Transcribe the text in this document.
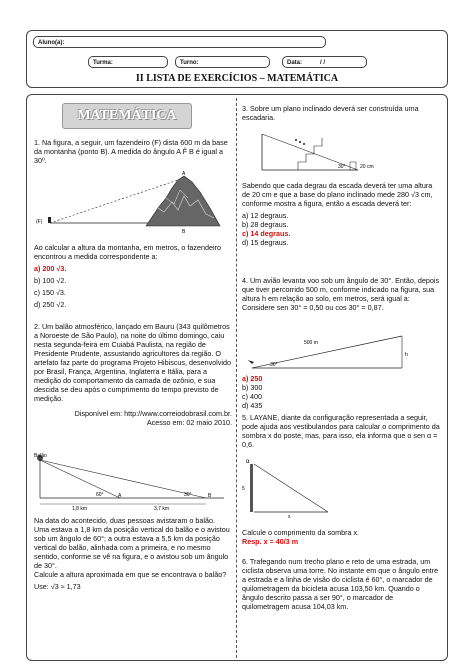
Aluno(a):
Turma:	Turno:	Data:	/ /
II LISTA DE EXERCÍCIOS – MATEMÁTICA
MATEMÁTICA

1. Na figura, a seguir, um fazendeiro (F) dista 600 m da base da montanha (ponto B). A medida do ângulo A F̂ B é igual a 30º.

(F)
A
B

Ao calcular a altura da montanha, em metros, o fazendeiro encontrou a medida correspondente a:

a) 200 √3.

b) 100 √2.

c) 150 √3.

d) 250 √2.

2. Um balão atmosférico, lançado em Bauru (343 quilômetros a Noroeste de São Paulo), na noite do último domingo, caiu nesta segunda-feira em Cuiabá Paulista, na região de Presidente Prudente, assustando agricultores da região. O artefato faz parte do programa Projeto Hibiscus, desenvolvido por Brasil, França, Argentina, Inglaterra e Itália, para a medição do comportamento da camada de ozônio, e sua descida se deu após o cumprimento do tempo previsto de medição.

Disponível em: http://www.correiodobrasil.com.br.

Acesso em: 02 maio 2010.

Balão
60°	30°
A	B
1,8 km	3,7 km

Na data do acontecido, duas pessoas avistaram o balão. Uma estava a 1,8 km da posição vertical do balão e o avistou sob um ângulo de 60°; a outra estava a 5,5 km da posição vertical do balão, alinhada com a primeira, e no mesmo sentido, conforme se vê na figura, e o avistou sob um ângulo de 30°.

Calcule a altura aproximada em que se encontrava o balão?

Use: √3 ≈ 1,73

3. Sobre um plano inclinado deverá ser construída uma escadaria.

20 cm
30°

Sabendo que cada degrau da escada deverá ter uma altura de 20 cm e que a base do plano inclinado mede 280 √3 cm, conforme mostra a figura, então a escada deverá ter:

a) 12 degraus.

b) 28 degraus.

c) 14 degraus.

d) 15 degraus.

4. Um avião levanta voo sob um ângulo de 30°. Então, depois que tiver percorrido 500 m, conforme indicado na figura, sua altura h em relação ao solo, em metros, será igual a:

Considere sen 30° = 0,50 ou cos 30° = 0,87.

500 m
h
30°

a) 250

b) 300

c) 400

d) 435

5. LAYANE, diante da configuração representada a seguir, pode ajuda aos vestibulandos para calcular o comprimento da sombra x do poste, mas, para isso, ela informa que o sen α = 0,6.

α
x
5

Calcule o comprimento da sombra x.

Resp. x = 40/3 m

6. Trafegando num trecho plano e reto de uma estrada, um ciclista observa uma torre. No instante em que o ângulo entre a estrada e a linha de visão do ciclista é 60°, o marcador de quilometragem da bicicleta acusa 103,50 km. Quando o ângulo descrito passa a ser 90°, o marcador de quilometragem acusa 104,03 km.
